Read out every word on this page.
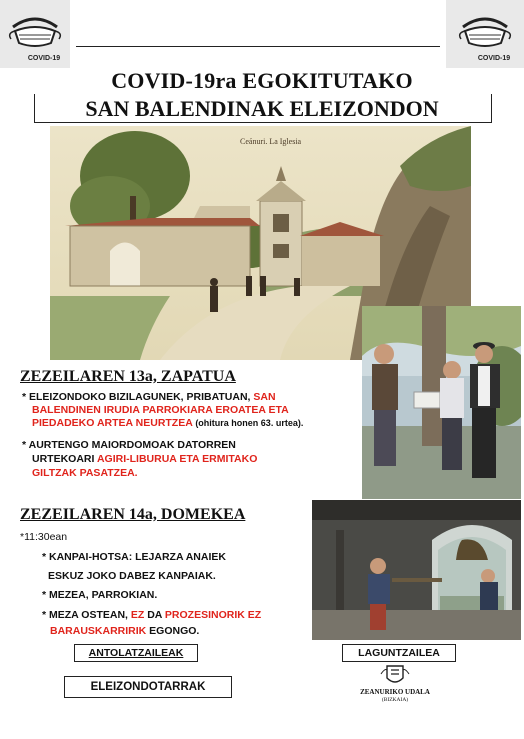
COVID-19	COVID-19
COVID-19ra EGOKITUTAKO
SAN BALENDINAK ELEIZONDON
Ceánuri. La Iglesia
ZEZEILAREN 13a, ZAPATUA
* ELEIZONDOKO BIZILAGUNEK, PRIBATUAN, SAN
BALENDINEN IRUDIA PARROKIARA EROATEA ETA
PIEDADEKO ARTEA NEURTZEA (ohitura honen 63. urtea).
* AURTENGO MAIORDOMOAK DATORREN
URTEKOARI AGIRI-LIBURUA ETA ERMITAKO
GILTZAK PASATZEA.
ZEZEILAREN 14a, DOMEKEA
*11:30ean
* KANPAI-HOTSA: LEJARZA ANAIEK
ESKUZ JOKO DABEZ KANPAIAK.
* MEZEA, PARROKIAN.
* MEZA OSTEAN, EZ DA PROZESINORIK EZ
BARAUSKARRIRIK EGONGO.
ANTOLATZAILEAK
ELEIZONDOTARRAK
LAGUNTZAILEA
ZEANURIKO UDALA
(BIZKAIA)
